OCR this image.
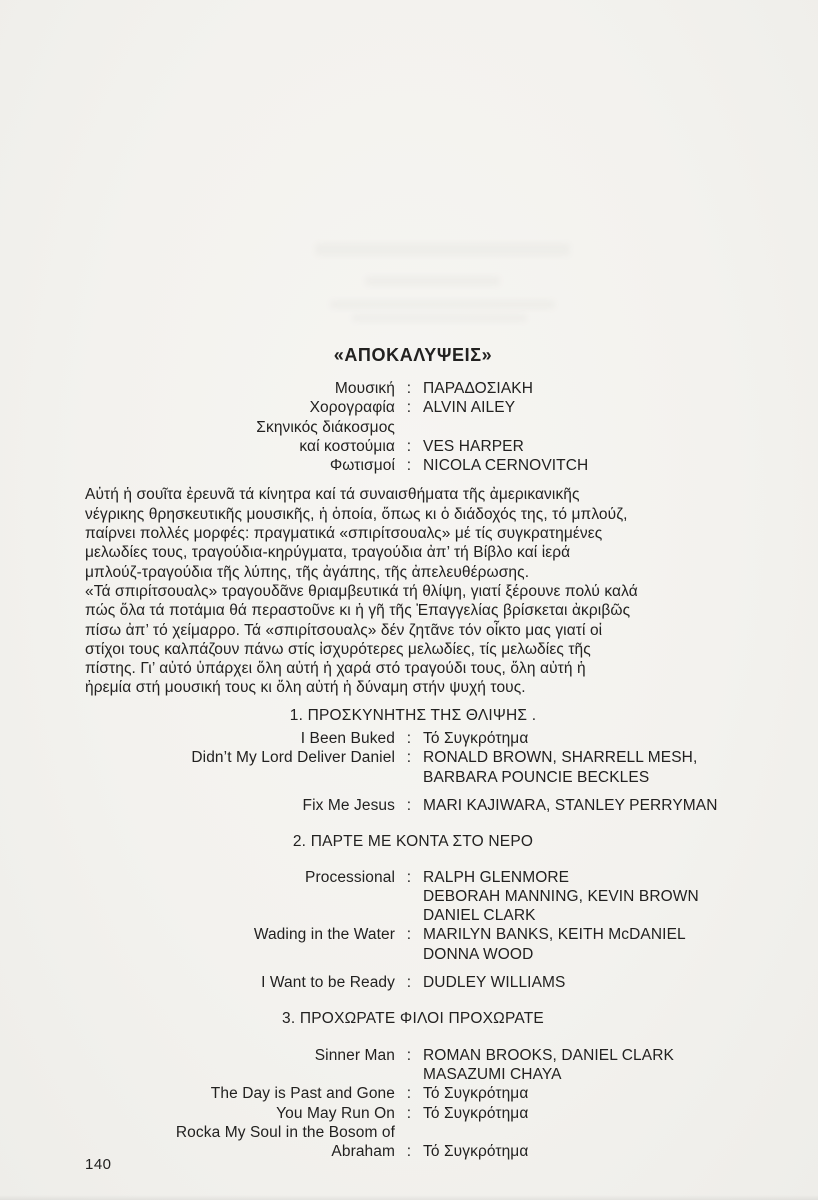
«ΑΠΟΚΑΛΥΨΕΙΣ»
Μουσική : ΠΑΡΑΔΟΣΙΑΚΗ
Χορογραφία : ALVIN AILEY
Σκηνικός διάκοσμος
καί κοστούμια : VES HARPER
Φωτισμοί : NICOLA CERNOVITCH
Αὐτή ἡ σουῖτα ἐρευνᾶ τά κίνητρα καί τά συναισθήματα τῆς ἀμερικανικῆς
νέγρικης θρησκευτικῆς μουσικῆς, ἡ ὁποία, ὅπως κι ὁ διάδοχός της, τό μπλούζ,
παίρνει πολλές μορφές: πραγματικά «σπιρίτσουαλς» μέ τίς συγκρατημένες
μελωδίες τους, τραγούδια-κηρύγματα, τραγούδια ἀπ’ τή Βίβλο καί ἱερά
μπλούζ-τραγούδια τῆς λύπης, τῆς ἀγάπης, τῆς ἀπελευθέρωσης.
«Τά σπιρίτσουαλς» τραγουδᾶνε θριαμβευτικά τή θλίψη, γιατί ξέρουνε πολύ καλά
πώς ὅλα τά ποτάμια θά περαστοῦνε κι ἡ γῆ τῆς Ἐπαγγελίας βρίσκεται ἀκριβῶς
πίσω ἀπ’ τό χείμαρρο. Τά «σπιρίτσουαλς» δέν ζητᾶνε τόν οἶκτο μας γιατί οἱ
στίχοι τους καλπάζουν πάνω στίς ἰσχυρότερες μελωδίες, τίς μελωδίες τῆς
πίστης. Γι’ αὐτό ὑπάρχει ὅλη αὐτή ἡ χαρά στό τραγούδι τους, ὅλη αὐτή ἡ
ἠρεμία στή μουσική τους κι ὅλη αὐτή ἡ δύναμη στήν ψυχή τους.
1. ΠΡΟΣΚΥΝΗΤΗΣ ΤΗΣ ΘΛΙΨΗΣ .
I Been Buked : Τό Συγκρότημα
Didn’t My Lord Deliver Daniel : RONALD BROWN, SHARRELL MESH,
BARBARA POUNCIE BECKLES
Fix Me Jesus : MARI KAJIWARA, STANLEY PERRYMAN
2. ΠΑΡΤΕ ΜΕ ΚΟΝΤΑ ΣΤΟ ΝΕΡΟ
Processional : RALPH GLENMORE
DEBORAH MANNING, KEVIN BROWN
DANIEL CLARK
Wading in the Water : MARILYN BANKS, KEITH McDANIEL
DONNA WOOD
I Want to be Ready : DUDLEY WILLIAMS
3. ΠΡΟΧΩΡΑΤΕ ΦΙΛΟΙ ΠΡΟΧΩΡΑΤΕ
Sinner Man : ROMAN BROOKS, DANIEL CLARK
MASAZUMI CHAYA
The Day is Past and Gone : Τό Συγκρότημα
You May Run On : Τό Συγκρότημα
Rocka My Soul in the Bosom of
Abraham : Τό Συγκρότημα
140
